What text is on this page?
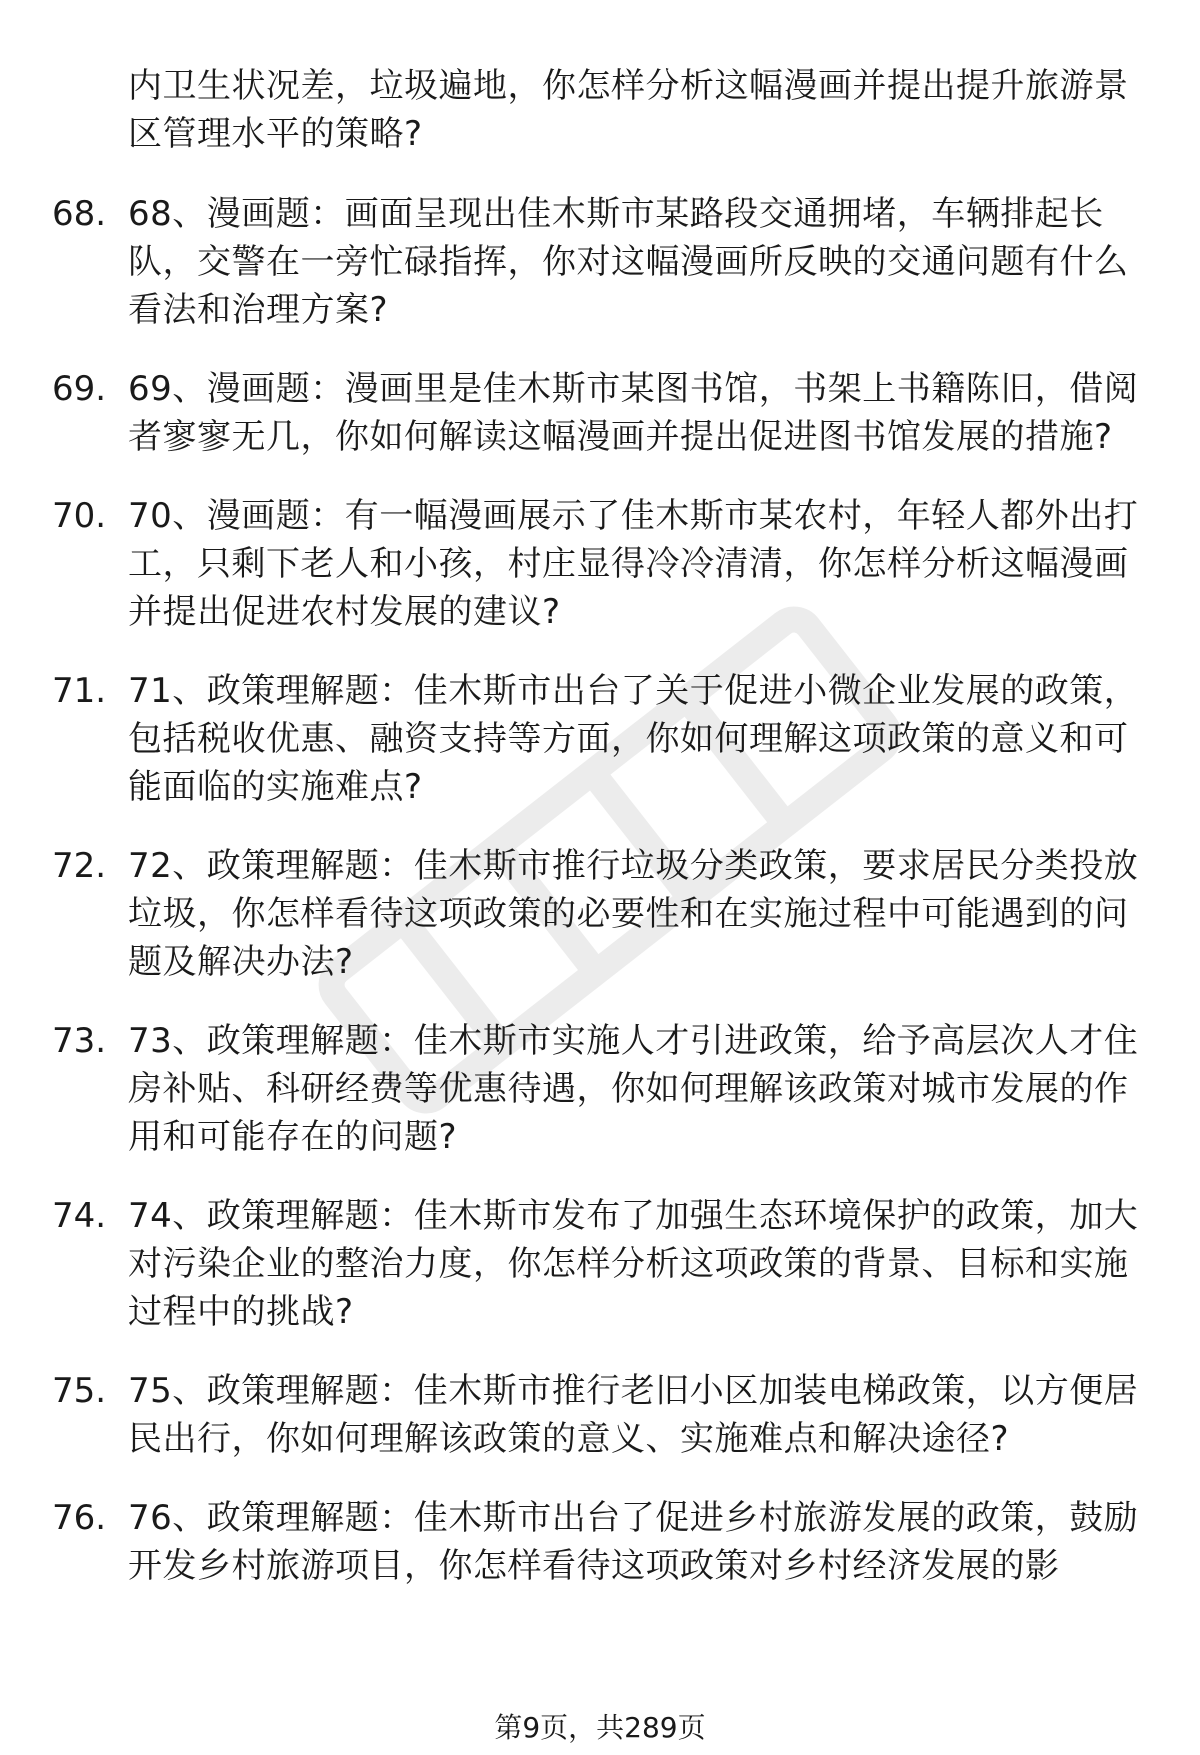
内卫生状况差，垃圾遍地，你怎样分析这幅漫画并提出提升旅游景区管理水平的策略?
68. 68、漫画题：画面呈现出佳木斯市某路段交通拥堵，车辆排起长队，交警在一旁忙碌指挥，你对这幅漫画所反映的交通问题有什么看法和治理方案?
69. 69、漫画题：漫画里是佳木斯市某图书馆，书架上书籍陈旧，借阅者寥寥无几，你如何解读这幅漫画并提出促进图书馆发展的措施?
70. 70、漫画题：有一幅漫画展示了佳木斯市某农村，年轻人都外出打工，只剩下老人和小孩，村庄显得冷冷清清，你怎样分析这幅漫画并提出促进农村发展的建议?
71. 71、政策理解题：佳木斯市出台了关于促进小微企业发展的政策，包括税收优惠、融资支持等方面，你如何理解这项政策的意义和可能面临的实施难点?
72. 72、政策理解题：佳木斯市推行垃圾分类政策，要求居民分类投放垃圾，你怎样看待这项政策的必要性和在实施过程中可能遇到的问题及解决办法?
73. 73、政策理解题：佳木斯市实施人才引进政策，给予高层次人才住房补贴、科研经费等优惠待遇，你如何理解该政策对城市发展的作用和可能存在的问题?
74. 74、政策理解题：佳木斯市发布了加强生态环境保护的政策，加大对污染企业的整治力度，你怎样分析这项政策的背景、目标和实施过程中的挑战?
75. 75、政策理解题：佳木斯市推行老旧小区加装电梯政策，以方便居民出行，你如何理解该政策的意义、实施难点和解决途径?
76. 76、政策理解题：佳木斯市出台了促进乡村旅游发展的政策，鼓励开发乡村旅游项目，你怎样看待这项政策对乡村经济发展的影
第9页，共289页
